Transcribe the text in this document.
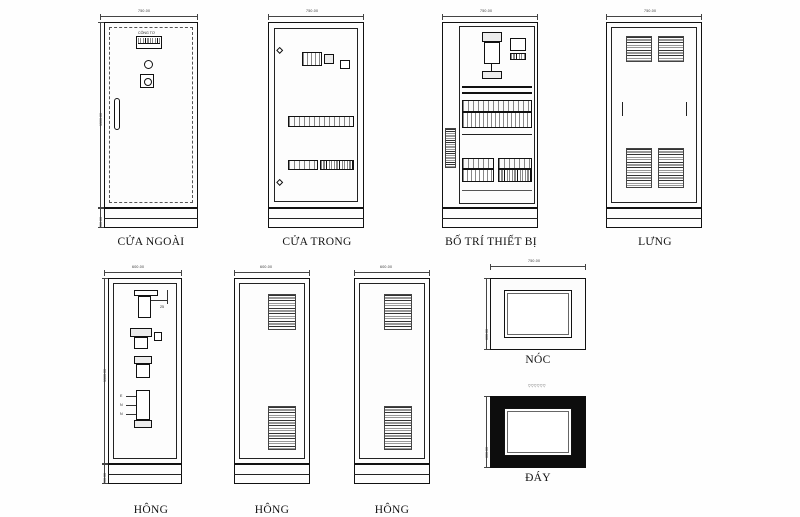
750.00
1300.00
200.00
CÔNG TƠ
CỬA NGOÀI
750.00
CỬA TRONG
750.00
BỐ TRÍ THIẾT BỊ
750.00
LƯNG
600.00
1300.00
200.00
25
E
N
N
HÔNG
600.00
HÔNG
600.00
HÔNG
750.00
600.00
NÓC
▽▽▽▽▽▽
600.00
ĐÁY
